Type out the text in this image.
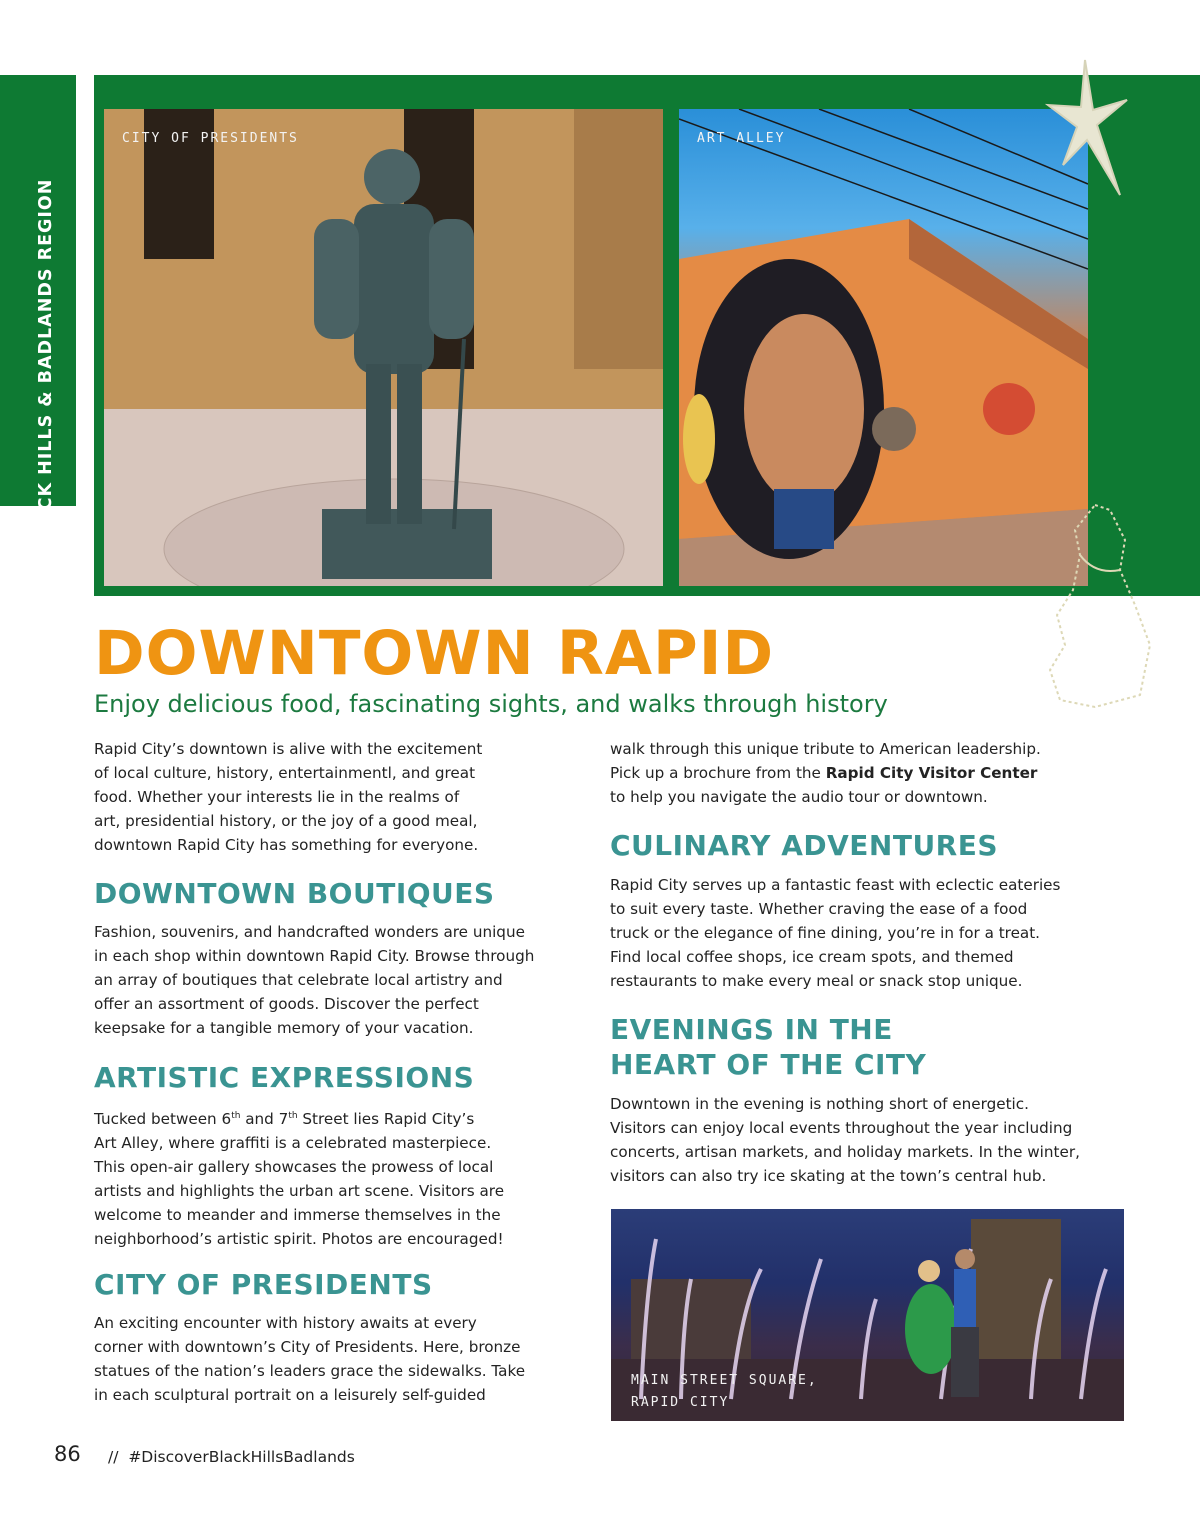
BLACK HILLS & BADLANDS REGION
CITY OF PRESIDENTS	ART ALLEY
DOWNTOWN RAPID

Enjoy delicious food, fascinating sights, and walks through history

Rapid City’s downtown is alive with the excitement
of local culture, history, entertainmentl, and great
food. Whether your interests lie in the realms of
art, presidential history, or the joy of a good meal,
downtown Rapid City has something for everyone.

DOWNTOWN BOUTIQUES

Fashion, souvenirs, and handcrafted wonders are unique
in each shop within downtown Rapid City. Browse through
an array of boutiques that celebrate local artistry and
offer an assortment of goods. Discover the perfect
keepsake for a tangible memory of your vacation.

ARTISTIC EXPRESSIONS

Tucked between 6th and 7th Street lies Rapid City’s
Art Alley, where graffiti is a celebrated masterpiece.
This open-air gallery showcases the prowess of local
artists and highlights the urban art scene. Visitors are
welcome to meander and immerse themselves in the
neighborhood’s artistic spirit. Photos are encouraged!

CITY OF PRESIDENTS

An exciting encounter with history awaits at every
corner with downtown’s City of Presidents. Here, bronze
statues of the nation’s leaders grace the sidewalks. Take
in each sculptural portrait on a leisurely self-guided

walk through this unique tribute to American leadership.
Pick up a brochure from the Rapid City Visitor Center
to help you navigate the audio tour or downtown.

CULINARY ADVENTURES

Rapid City serves up a fantastic feast with eclectic eateries
to suit every taste. Whether craving the ease of a food
truck or the elegance of fine dining, you’re in for a treat.
Find local coffee shops, ice cream spots, and themed
restaurants to make every meal or snack stop unique.

EVENINGS IN THE
HEART OF THE CITY

Downtown in the evening is nothing short of energetic.
Visitors can enjoy local events throughout the year including
concerts, artisan markets, and holiday markets. In the winter,
visitors can also try ice skating at the town’s central hub.

MAIN STREET SQUARE,
RAPID CITY
86 // #DiscoverBlackHillsBadlands
